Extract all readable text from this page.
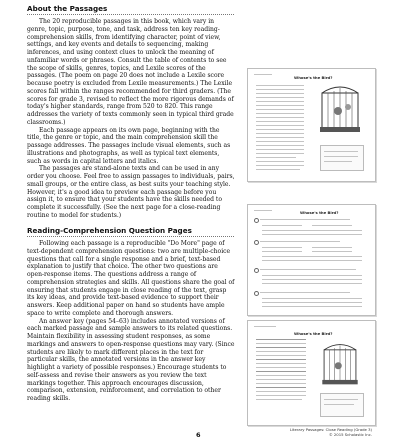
About the Passages

The 20 reproducible passages in this book, which vary in genre, topic, purpose, tone, and task, address ten key reading-comprehension skills, from identifying character, point of view, settings, and key events and details to sequencing, making inferences, and using context clues to unlock the meaning of unfamiliar words or phrases. Consult the table of contents to see the scope of skills, genres, topics, and Lexile scores of the passages. (The poem on page 20 does not include a Lexile score because poetry is excluded from Lexile measurements.) The Lexile scores fall within the ranges recommended for third graders. (The scores for grade 3, revised to reflect the more rigorous demands of today's higher standards, range from 520 to 820. This range addresses the variety of texts commonly seen in typical third grade classrooms.)

Each passage appears on its own page, beginning with the title, the genre or topic, and the main comprehension skill the passage addresses. The passages include visual elements, such as illustrations and photographs, as well as typical text elements, such as words in capital letters and italics.

The passages are stand-alone texts and can be used in any order you choose. Feel free to assign passages to individuals, pairs, small groups, or the entire class, as best suits your teaching style. However, it's a good idea to preview each passage before you assign it, to ensure that your students have the skills needed to complete it successfully. (See the next page for a close-reading routine to model for students.)

Reading-Comprehension Question Pages

Following each passage is a reproducible "Do More" page of text-dependent comprehension questions: two are multiple-choice questions that call for a single response and a brief, text-based explanation to justify that choice. The other two questions are open-response items. The questions address a range of comprehension strategies and skills. All questions share the goal of ensuring that students engage in close reading of the text, grasp its key ideas, and provide text-based evidence to support their answers. Keep additional paper on hand so students have ample space to write complete and thorough answers.

An answer key (pages 54–63) includes annotated versions of each marked passage and sample answers to its related questions. Maintain flexibility in assessing student responses, as some markings and answers to open-response questions may vary. (Since students are likely to mark different places in the text for particular skills, the annotated versions in the answer key highlight a variety of possible responses.) Encourage students to self-assess and revise their answers as you review the text markings together. This approach encourages discussion, comparison, extension, reinforcement, and correlation to other reading skills.

Whose's the Bird?
Whose's the Bird?
Whose's the Bird?
6
Literary Passages: Close Reading (Grade 3)
© 2015 Scholastic Inc.
